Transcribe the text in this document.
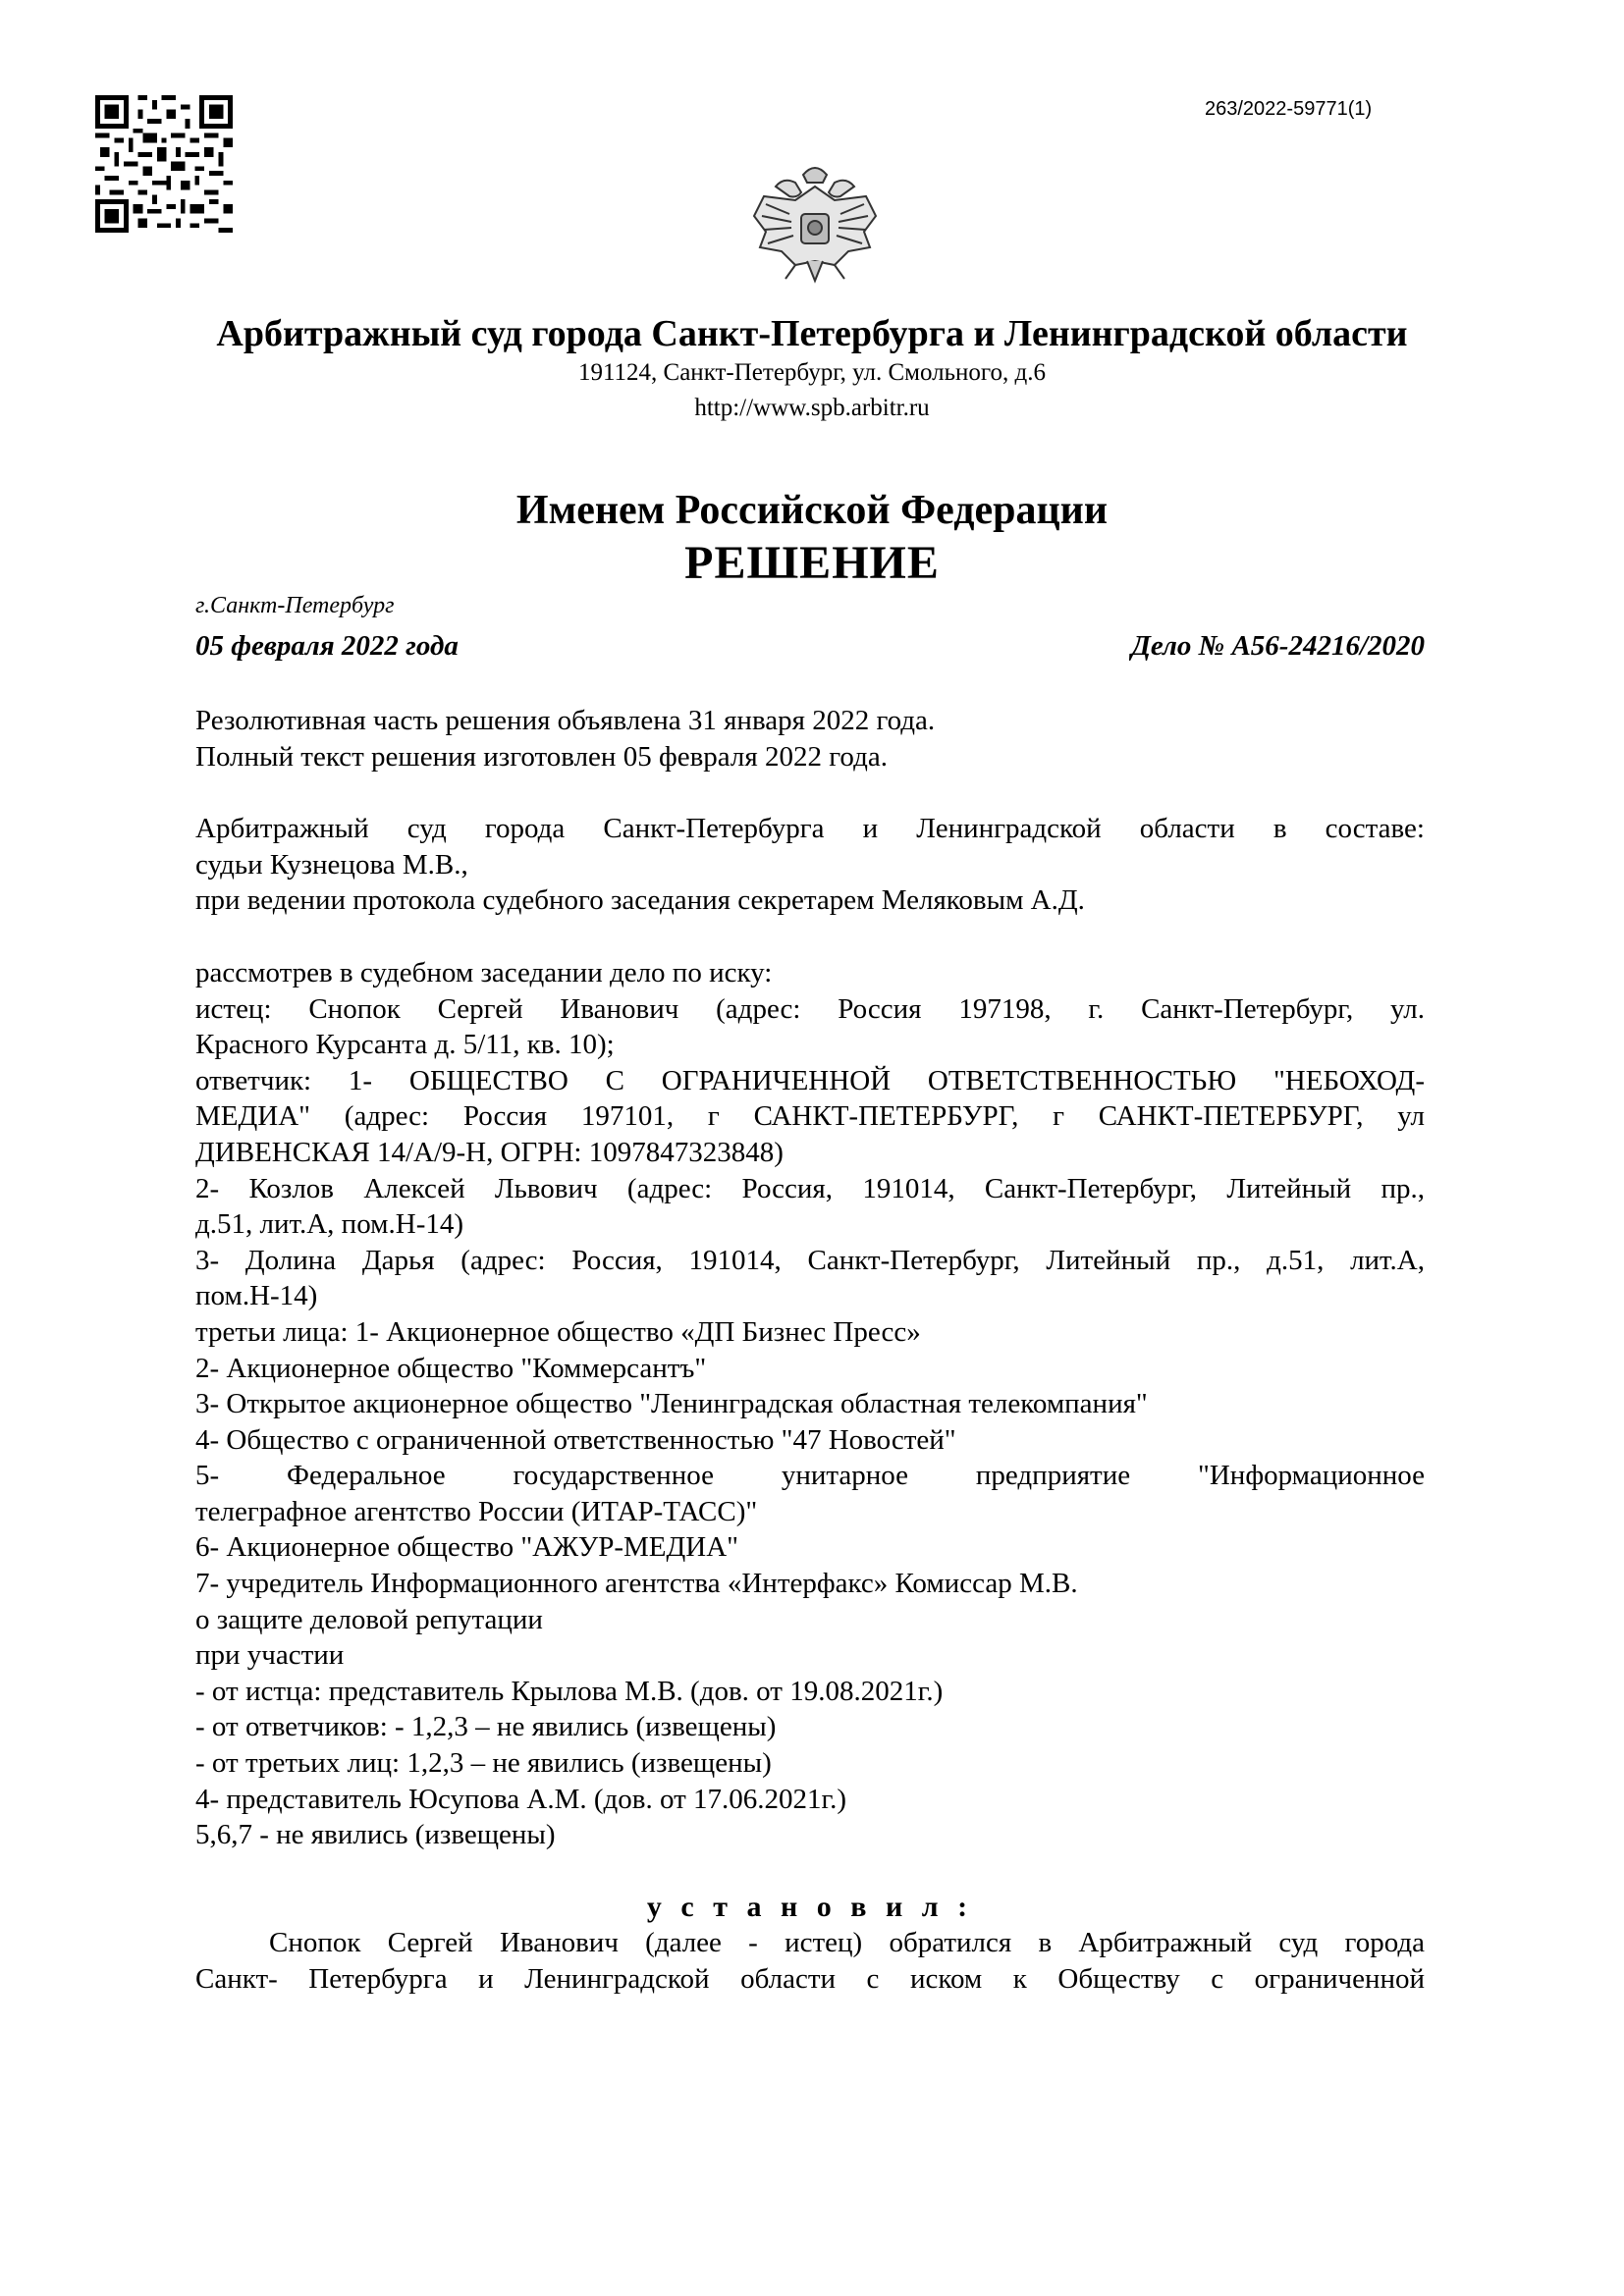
263/2022-59771(1)
Арбитражный суд города Санкт-Петербурга и Ленинградской области
191124, Санкт-Петербург, ул. Смольного, д.6
http://www.spb.arbitr.ru
Именем Российской Федерации
РЕШЕНИЕ
г.Санкт-Петербург
05 февраля 2022 года	Дело № А56-24216/2020

Резолютивная часть решения объявлена 31 января 2022 года.

Полный текст решения изготовлен 05 февраля 2022 года.

Арбитражный суд города Санкт-Петербурга и Ленинградской области в составе:

судьи Кузнецова М.В.,

при ведении протокола судебного заседания секретарем Меляковым А.Д.

рассмотрев в судебном заседании дело по иску:

истец: Снопок Сергей Иванович (адрес: Россия 197198, г. Санкт-Петербург, ул.

Красного Курсанта д. 5/11, кв. 10);

ответчик: 1- ОБЩЕСТВО С ОГРАНИЧЕННОЙ ОТВЕТСТВЕННОСТЬЮ "НЕБОХОД-

МЕДИА" (адрес: Россия 197101, г САНКТ-ПЕТЕРБУРГ, г САНКТ-ПЕТЕРБУРГ, ул

ДИВЕНСКАЯ 14/А/9-Н, ОГРН: 1097847323848)

2- Козлов Алексей Львович (адрес: Россия, 191014, Санкт-Петербург, Литейный пр.,

д.51, лит.А, пом.Н-14)

3- Долина Дарья (адрес: Россия, 191014, Санкт-Петербург, Литейный пр., д.51, лит.А,

пом.Н-14)

третьи лица: 1- Акционерное общество «ДП Бизнес Пресс»

2- Акционерное общество "Коммерсантъ"

3- Открытое акционерное общество "Ленинградская областная телекомпания"

4- Общество с ограниченной ответственностью "47 Новостей"

5- Федеральное государственное унитарное предприятие "Информационное

телеграфное агентство России (ИТАР-ТАСС)"

6- Акционерное общество "АЖУР-МЕДИА"

7- учредитель Информационного агентства «Интерфакс» Комиссар М.В.

о защите деловой репутации

при участии

- от истца: представитель Крылова М.В. (дов. от 19.08.2021г.)

- от ответчиков: - 1,2,3 – не явились (извещены)

- от третьих лиц: 1,2,3 – не явились (извещены)

4- представитель Юсупова А.М. (дов. от 17.06.2021г.)

5,6,7 - не явились (извещены)

у с т а н о в и л :

Снопок Сергей Иванович (далее - истец) обратился в Арбитражный суд города

Санкт- Петербурга и Ленинградской области с иском к Обществу с ограниченной
